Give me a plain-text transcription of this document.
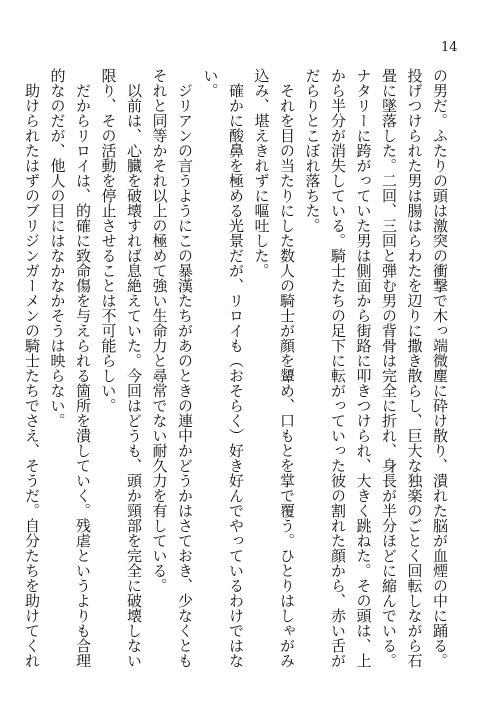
14

の男だ。ふたりの頭は激突の衝撃で木っ端微塵に砕け散り、潰れた脳が血煙の中に踊る。投げつけられた男は腸はらわたを辺りに撒き散らし、巨大な独楽のごとく回転しながら石畳に墜落した。二回、三回と弾む男の背骨は完全に折れ、身長が半分ほどに縮んでいる。ナタリーに跨がっていた男は側面から街路に叩きつけられ、大きく跳ねた。その頭は、上から半分が消失している。騎士たちの足下に転がっていった彼の割れた顔から、赤い舌がだらりとこぼれ落ちた。

それを目の当たりにした数人の騎士が顔を顰め、口もとを掌で覆う。ひとりはしゃがみ込み、堪えきれずに嘔吐した。

確かに酸鼻を極める光景だが、リロイも（おそらく）好き好んでやっているわけではない。

ジリアンの言うようにこの暴漢たちがあのときの連中かどうかはさておき、少なくともそれと同等かそれ以上の極めて強い生命力と尋常でない耐久力を有している。

以前は、心臓を破壊すれば息絶えていた。今回はどうも、頭か頸部を完全に破壊しない限り、その活動を停止させることは不可能らしい。

だからリロイは、的確に致命傷を与えられる箇所を潰していく。残虐というよりも合理的なのだが、他人の目にはなかなかそうは映らない。

助けられたはずのブリジンガーメンの騎士たちでさえ、そうだ。自分たちを助けてくれ
